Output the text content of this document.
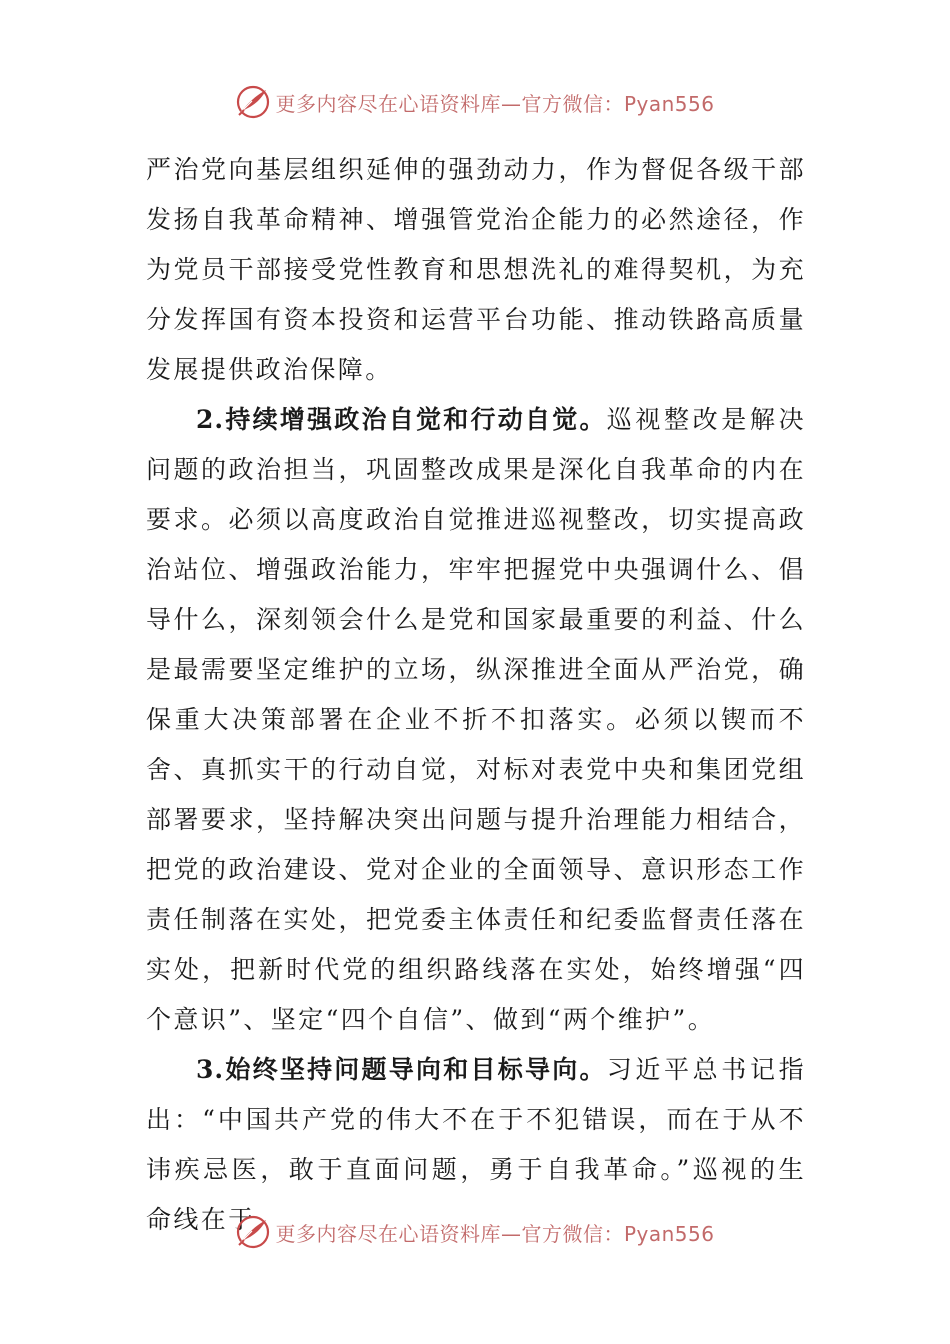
更多内容尽在心语资料库—官方微信：Pyan556

严治党向基层组织延伸的强劲动力，作为督促各级干部发扬自我革命精神、增强管党治企能力的必然途径，作为党员干部接受党性教育和思想洗礼的难得契机，为充分发挥国有资本投资和运营平台功能、推动铁路高质量发展提供政治保障。

2.持续增强政治自觉和行动自觉。巡视整改是解决问题的政治担当，巩固整改成果是深化自我革命的内在要求。必须以高度政治自觉推进巡视整改，切实提高政治站位、增强政治能力，牢牢把握党中央强调什么、倡导什么，深刻领会什么是党和国家最重要的利益、什么是最需要坚定维护的立场，纵深推进全面从严治党，确保重大决策部署在企业不折不扣落实。必须以锲而不舍、真抓实干的行动自觉，对标对表党中央和集团党组部署要求，坚持解决突出问题与提升治理能力相结合，把党的政治建设、党对企业的全面领导、意识形态工作责任制落在实处，把党委主体责任和纪委监督责任落在实处，把新时代党的组织路线落在实处，始终增强“四个意识”、坚定“四个自信”、做到“两个维护”。

3.始终坚持问题导向和目标导向。习近平总书记指出：“中国共产党的伟大不在于不犯错误，而在于从不讳疾忌医，敢于直面问题，勇于自我革命。”巡视的生命线在于 更多内容尽在心语资料库—官方微信：Pyan556
